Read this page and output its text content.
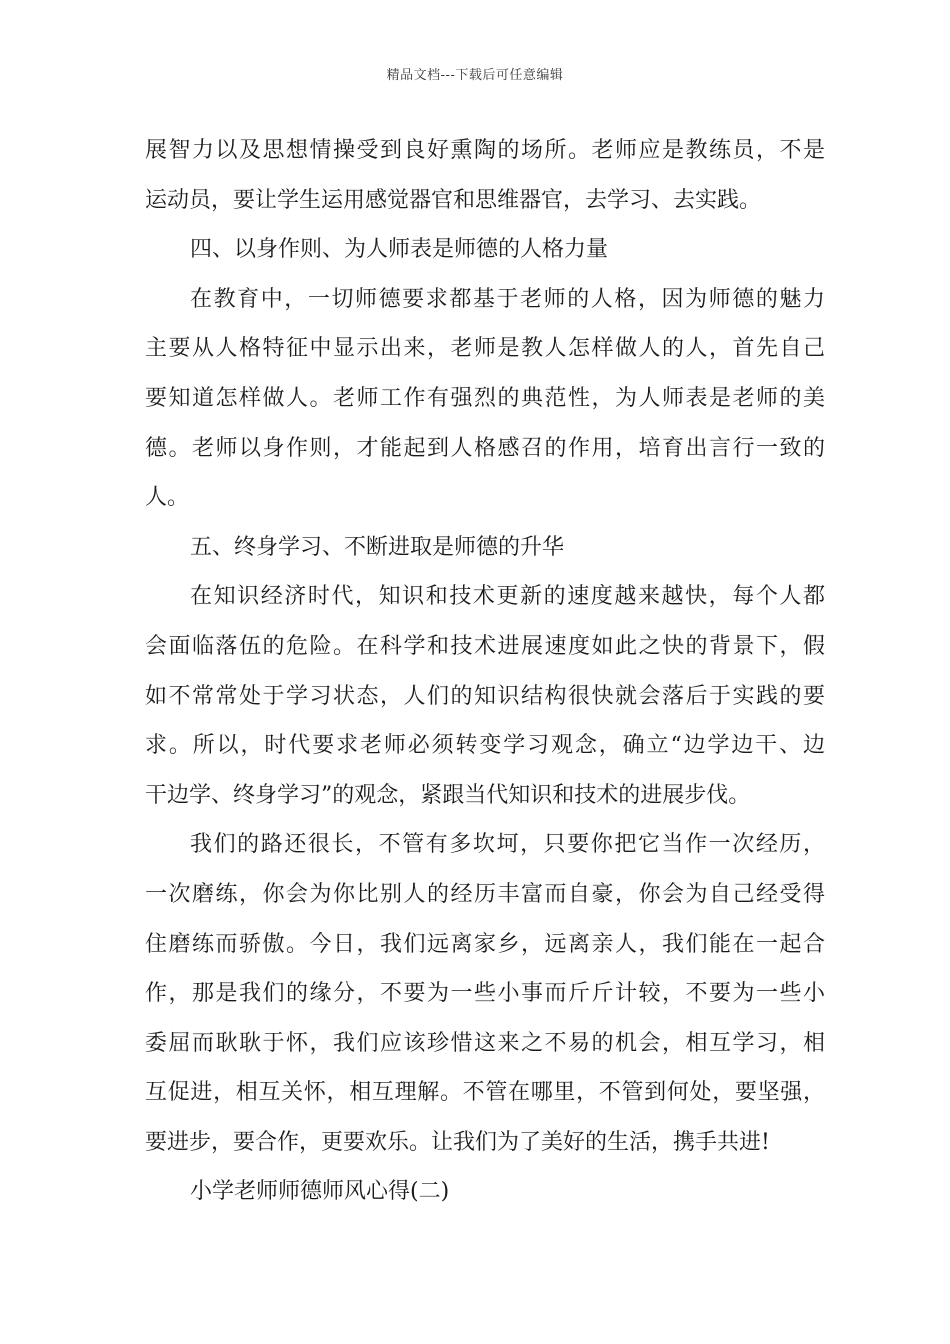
精品文档---下载后可任意编辑
展智力以及思想情操受到良好熏陶的场所。老师应是教练员，不是
运动员，要让学生运用感觉器官和思维器官，去学习、去实践。
四、以身作则、为人师表是师德的人格力量
在教育中，一切师德要求都基于老师的人格，因为师德的魅力
主要从人格特征中显示出来，老师是教人怎样做人的人，首先自己
要知道怎样做人。老师工作有强烈的典范性，为人师表是老师的美
德。老师以身作则，才能起到人格感召的作用，培育出言行一致的
人。
五、终身学习、不断进取是师德的升华
在知识经济时代，知识和技术更新的速度越来越快，每个人都
会面临落伍的危险。在科学和技术进展速度如此之快的背景下，假
如不常常处于学习状态，人们的知识结构很快就会落后于实践的要
求。所以，时代要求老师必须转变学习观念，确立“边学边干、边
干边学、终身学习”的观念，紧跟当代知识和技术的进展步伐。
我们的路还很长，不管有多坎坷，只要你把它当作一次经历，
一次磨练，你会为你比别人的经历丰富而自豪，你会为自己经受得
住磨练而骄傲。今日，我们远离家乡，远离亲人，我们能在一起合
作，那是我们的缘分，不要为一些小事而斤斤计较，不要为一些小
委屈而耿耿于怀，我们应该珍惜这来之不易的机会，相互学习，相
互促进，相互关怀，相互理解。不管在哪里，不管到何处，要坚强，
要进步，要合作，更要欢乐。让我们为了美好的生活，携手共进!
小学老师师德师风心得(二)
